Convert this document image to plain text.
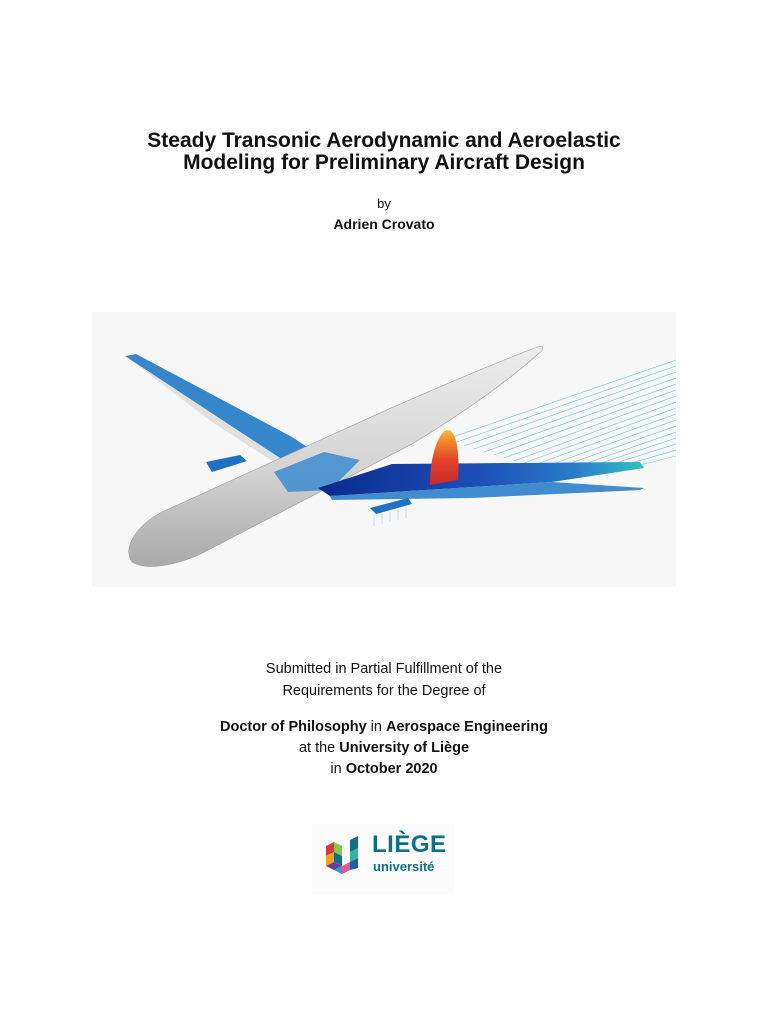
Steady Transonic Aerodynamic and Aeroelastic
Modeling for Preliminary Aircraft Design
by
Adrien Crovato
Submitted in Partial Fulfillment of the
Requirements for the Degree of
Doctor of Philosophy in Aerospace Engineering
at the University of Liège
in October 2020
LIÈGE
université
